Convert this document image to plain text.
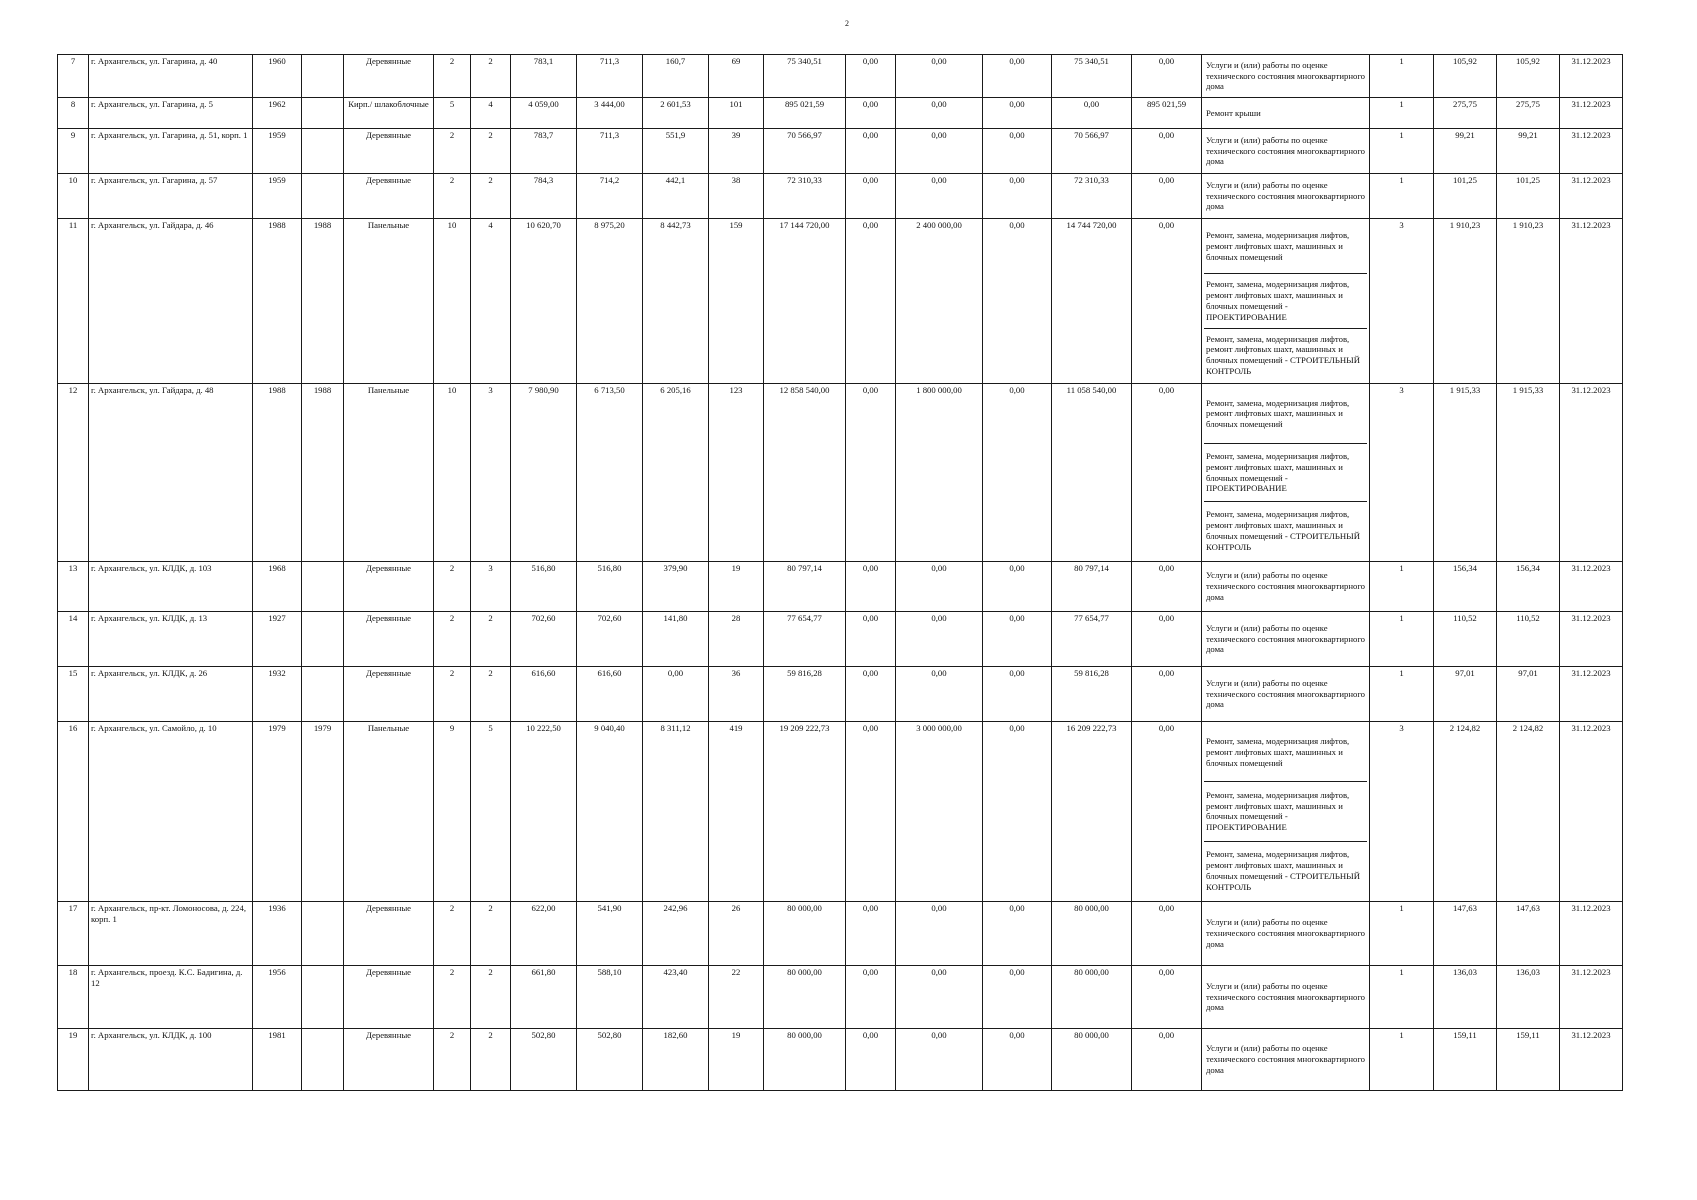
2
7	г. Архангельск, ул. Гагарина, д. 40	1960		Деревянные	2	2	783,1	711,3	160,7	69	75 340,51	0,00	0,00	0,00	75 340,51	0,00	Услуги и (или) работы по оценке технического состояния многоквартирного дома	1	105,92	105,92	31.12.2023
8	г. Архангельск, ул. Гагарина, д. 5	1962		Кирп./ шлакоблочные	5	4	4 059,00	3 444,00	2 601,53	101	895 021,59	0,00	0,00	0,00	0,00	895 021,59	Ремонт крыши	1	275,75	275,75	31.12.2023
9	г. Архангельск, ул. Гагарина, д. 51, корп. 1	1959		Деревянные	2	2	783,7	711,3	551,9	39	70 566,97	0,00	0,00	0,00	70 566,97	0,00	Услуги и (или) работы по оценке технического состояния многоквартирного дома	1	99,21	99,21	31.12.2023
10	г. Архангельск, ул. Гагарина, д. 57	1959		Деревянные	2	2	784,3	714,2	442,1	38	72 310,33	0,00	0,00	0,00	72 310,33	0,00	Услуги и (или) работы по оценке технического состояния многоквартирного дома	1	101,25	101,25	31.12.2023
11	г. Архангельск, ул. Гайдара, д. 46	1988	1988	Панельные	10	4	10 620,70	8 975,20	8 442,73	159	17 144 720,00	0,00	2 400 000,00	0,00	14 744 720,00	0,00	Ремонт, замена, модернизация лифтов, ремонт лифтовых шахт, машинных и блочных помещений
Ремонт, замена, модернизация лифтов, ремонт лифтовых шахт, машинных и блочных помещений - ПРОЕКТИРОВАНИЕ
Ремонт, замена, модернизация лифтов, ремонт лифтовых шахт, машинных и блочных помещений - СТРОИТЕЛЬНЫЙ КОНТРОЛЬ	3	1 910,23	1 910,23	31.12.2023
12	г. Архангельск, ул. Гайдара, д. 48	1988	1988	Панельные	10	3	7 980,90	6 713,50	6 205,16	123	12 858 540,00	0,00	1 800 000,00	0,00	11 058 540,00	0,00	Ремонт, замена, модернизация лифтов, ремонт лифтовых шахт, машинных и блочных помещений
Ремонт, замена, модернизация лифтов, ремонт лифтовых шахт, машинных и блочных помещений - ПРОЕКТИРОВАНИЕ
Ремонт, замена, модернизация лифтов, ремонт лифтовых шахт, машинных и блочных помещений - СТРОИТЕЛЬНЫЙ КОНТРОЛЬ	3	1 915,33	1 915,33	31.12.2023
13	г. Архангельск, ул. КЛДК, д. 103	1968		Деревянные	2	3	516,80	516,80	379,90	19	80 797,14	0,00	0,00	0,00	80 797,14	0,00	Услуги и (или) работы по оценке технического состояния многоквартирного дома	1	156,34	156,34	31.12.2023
14	г. Архангельск, ул. КЛДК, д. 13	1927		Деревянные	2	2	702,60	702,60	141,80	28	77 654,77	0,00	0,00	0,00	77 654,77	0,00	Услуги и (или) работы по оценке технического состояния многоквартирного дома	1	110,52	110,52	31.12.2023
15	г. Архангельск, ул. КЛДК, д. 26	1932		Деревянные	2	2	616,60	616,60	0,00	36	59 816,28	0,00	0,00	0,00	59 816,28	0,00	Услуги и (или) работы по оценке технического состояния многоквартирного дома	1	97,01	97,01	31.12.2023
16	г. Архангельск, ул. Самойло, д. 10	1979	1979	Панельные	9	5	10 222,50	9 040,40	8 311,12	419	19 209 222,73	0,00	3 000 000,00	0,00	16 209 222,73	0,00	Ремонт, замена, модернизация лифтов, ремонт лифтовых шахт, машинных и блочных помещений
Ремонт, замена, модернизация лифтов, ремонт лифтовых шахт, машинных и блочных помещений - ПРОЕКТИРОВАНИЕ
Ремонт, замена, модернизация лифтов, ремонт лифтовых шахт, машинных и блочных помещений - СТРОИТЕЛЬНЫЙ КОНТРОЛЬ	3	2 124,82	2 124,82	31.12.2023
17	г. Архангельск, пр-кт. Ломоносова, д. 224, корп. 1	1936		Деревянные	2	2	622,00	541,90	242,96	26	80 000,00	0,00	0,00	0,00	80 000,00	0,00	Услуги и (или) работы по оценке технического состояния многоквартирного дома	1	147,63	147,63	31.12.2023
18	г. Архангельск, проезд. К.С. Бадигина, д. 12	1956		Деревянные	2	2	661,80	588,10	423,40	22	80 000,00	0,00	0,00	0,00	80 000,00	0,00	Услуги и (или) работы по оценке технического состояния многоквартирного дома	1	136,03	136,03	31.12.2023
19	г. Архангельск, ул. КЛДК, д. 100	1981		Деревянные	2	2	502,80	502,80	182,60	19	80 000,00	0,00	0,00	0,00	80 000,00	0,00	Услуги и (или) работы по оценке технического состояния многоквартирного дома	1	159,11	159,11	31.12.2023
